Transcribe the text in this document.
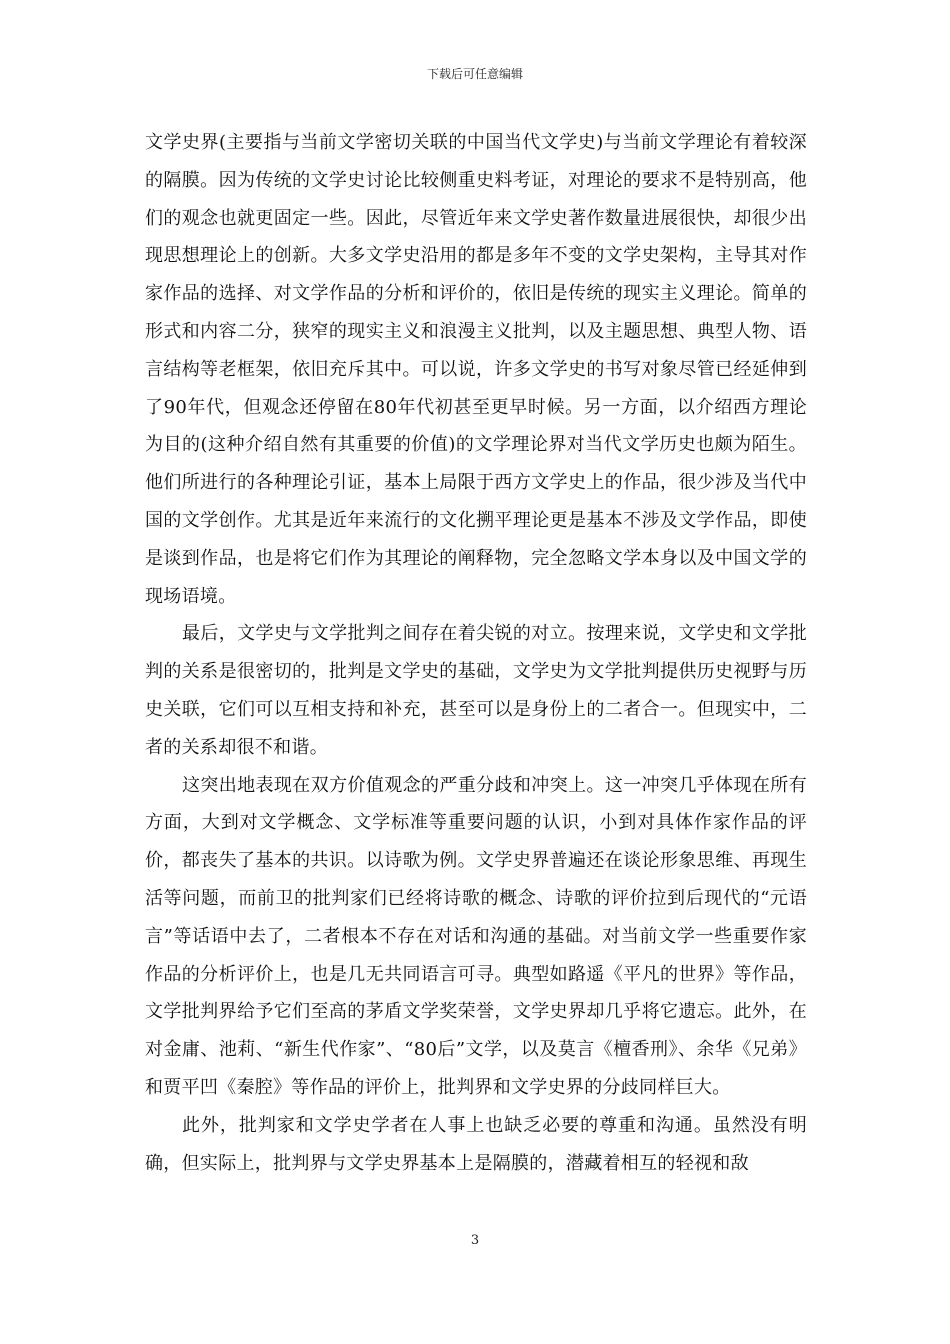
下载后可任意编辑

文学史界(主要指与当前文学密切关联的中国当代文学史)与当前文学理论有着较深的隔膜。因为传统的文学史讨论比较侧重史料考证，对理论的要求不是特别高，他们的观念也就更固定一些。因此，尽管近年来文学史著作数量进展很快，却很少出现思想理论上的创新。大多文学史沿用的都是多年不变的文学史架构，主导其对作家作品的选择、对文学作品的分析和评价的，依旧是传统的现实主义理论。简单的形式和内容二分，狭窄的现实主义和浪漫主义批判，以及主题思想、典型人物、语言结构等老框架，依旧充斥其中。可以说，许多文学史的书写对象尽管已经延伸到了90年代，但观念还停留在80年代初甚至更早时候。另一方面，以介绍西方理论为目的(这种介绍自然有其重要的价值)的文学理论界对当代文学历史也颇为陌生。他们所进行的各种理论引证，基本上局限于西方文学史上的作品，很少涉及当代中国的文学创作。尤其是近年来流行的文化搠平理论更是基本不涉及文学作品，即使是谈到作品，也是将它们作为其理论的阐释物，完全忽略文学本身以及中国文学的现场语境。

最后，文学史与文学批判之间存在着尖锐的对立。按理来说，文学史和文学批判的关系是很密切的，批判是文学史的基础，文学史为文学批判提供历史视野与历史关联，它们可以互相支持和补充，甚至可以是身份上的二者合一。但现实中，二者的关系却很不和谐。

这突出地表现在双方价值观念的严重分歧和冲突上。这一冲突几乎体现在所有方面，大到对文学概念、文学标准等重要问题的认识，小到对具体作家作品的评价，都丧失了基本的共识。以诗歌为例。文学史界普遍还在谈论形象思维、再现生活等问题，而前卫的批判家们已经将诗歌的概念、诗歌的评价拉到后现代的“元语言”等话语中去了，二者根本不存在对话和沟通的基础。对当前文学一些重要作家作品的分析评价上，也是几无共同语言可寻。典型如路遥《平凡的世界》等作品，文学批判界给予它们至高的茅盾文学奖荣誉，文学史界却几乎将它遗忘。此外，在对金庸、池莉、“新生代作家”、“80后”文学，以及莫言《檀香刑》、余华《兄弟》和贾平凹《秦腔》等作品的评价上，批判界和文学史界的分歧同样巨大。

此外，批判家和文学史学者在人事上也缺乏必要的尊重和沟通。虽然没有明确，但实际上，批判界与文学史界基本上是隔膜的，潜藏着相互的轻视和敌

3
